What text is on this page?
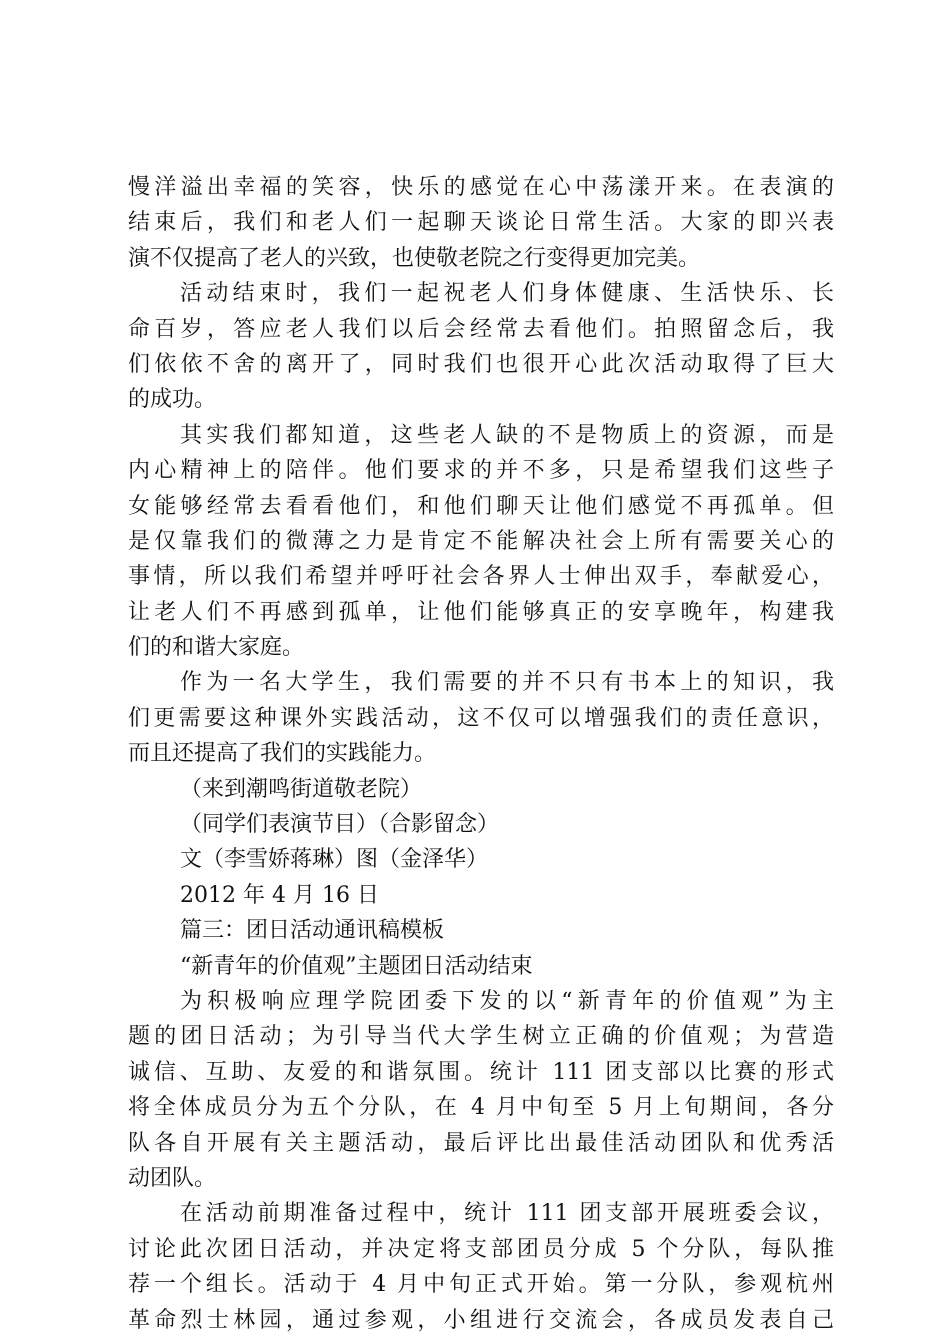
慢洋溢出幸福的笑容，快乐的感觉在心中荡漾开来。在表演的
结束后，我们和老人们一起聊天谈论日常生活。大家的即兴表
演不仅提高了老人的兴致，也使敬老院之行变得更加完美。
活动结束时，我们一起祝老人们身体健康、生活快乐、长
命百岁，答应老人我们以后会经常去看他们。拍照留念后，我
们依依不舍的离开了，同时我们也很开心此次活动取得了巨大
的成功。
其实我们都知道，这些老人缺的不是物质上的资源，而是
内心精神上的陪伴。他们要求的并不多，只是希望我们这些子
女能够经常去看看他们，和他们聊天让他们感觉不再孤单。但
是仅靠我们的微薄之力是肯定不能解决社会上所有需要关心的
事情，所以我们希望并呼吁社会各界人士伸出双手，奉献爱心，
让老人们不再感到孤单，让他们能够真正的安享晚年，构建我
们的和谐大家庭。
作为一名大学生，我们需要的并不只有书本上的知识，我
们更需要这种课外实践活动，这不仅可以增强我们的责任意识，
而且还提高了我们的实践能力。
（来到潮鸣街道敬老院）
（同学们表演节目）（合影留念）
文（李雪娇蒋琳）图（金泽华）
2012 年 4 月 16 日
篇三：团日活动通讯稿模板
“新青年的价值观”主题团日活动结束
为积极响应理学院团委下发的以“新青年的价值观”为主
题的团日活动；为引导当代大学生树立正确的价值观；为营造
诚信、互助、友爱的和谐氛围。统计 111 团支部以比赛的形式
将全体成员分为五个分队，在 4 月中旬至 5 月上旬期间，各分
队各自开展有关主题活动，最后评比出最佳活动团队和优秀活
动团队。
在活动前期准备过程中，统计 111 团支部开展班委会议，
讨论此次团日活动，并决定将支部团员分成 5 个分队，每队推
荐一个组长。活动于 4 月中旬正式开始。第一分队，参观杭州
革命烈士林园，通过参观，小组进行交流会，各成员发表自己
